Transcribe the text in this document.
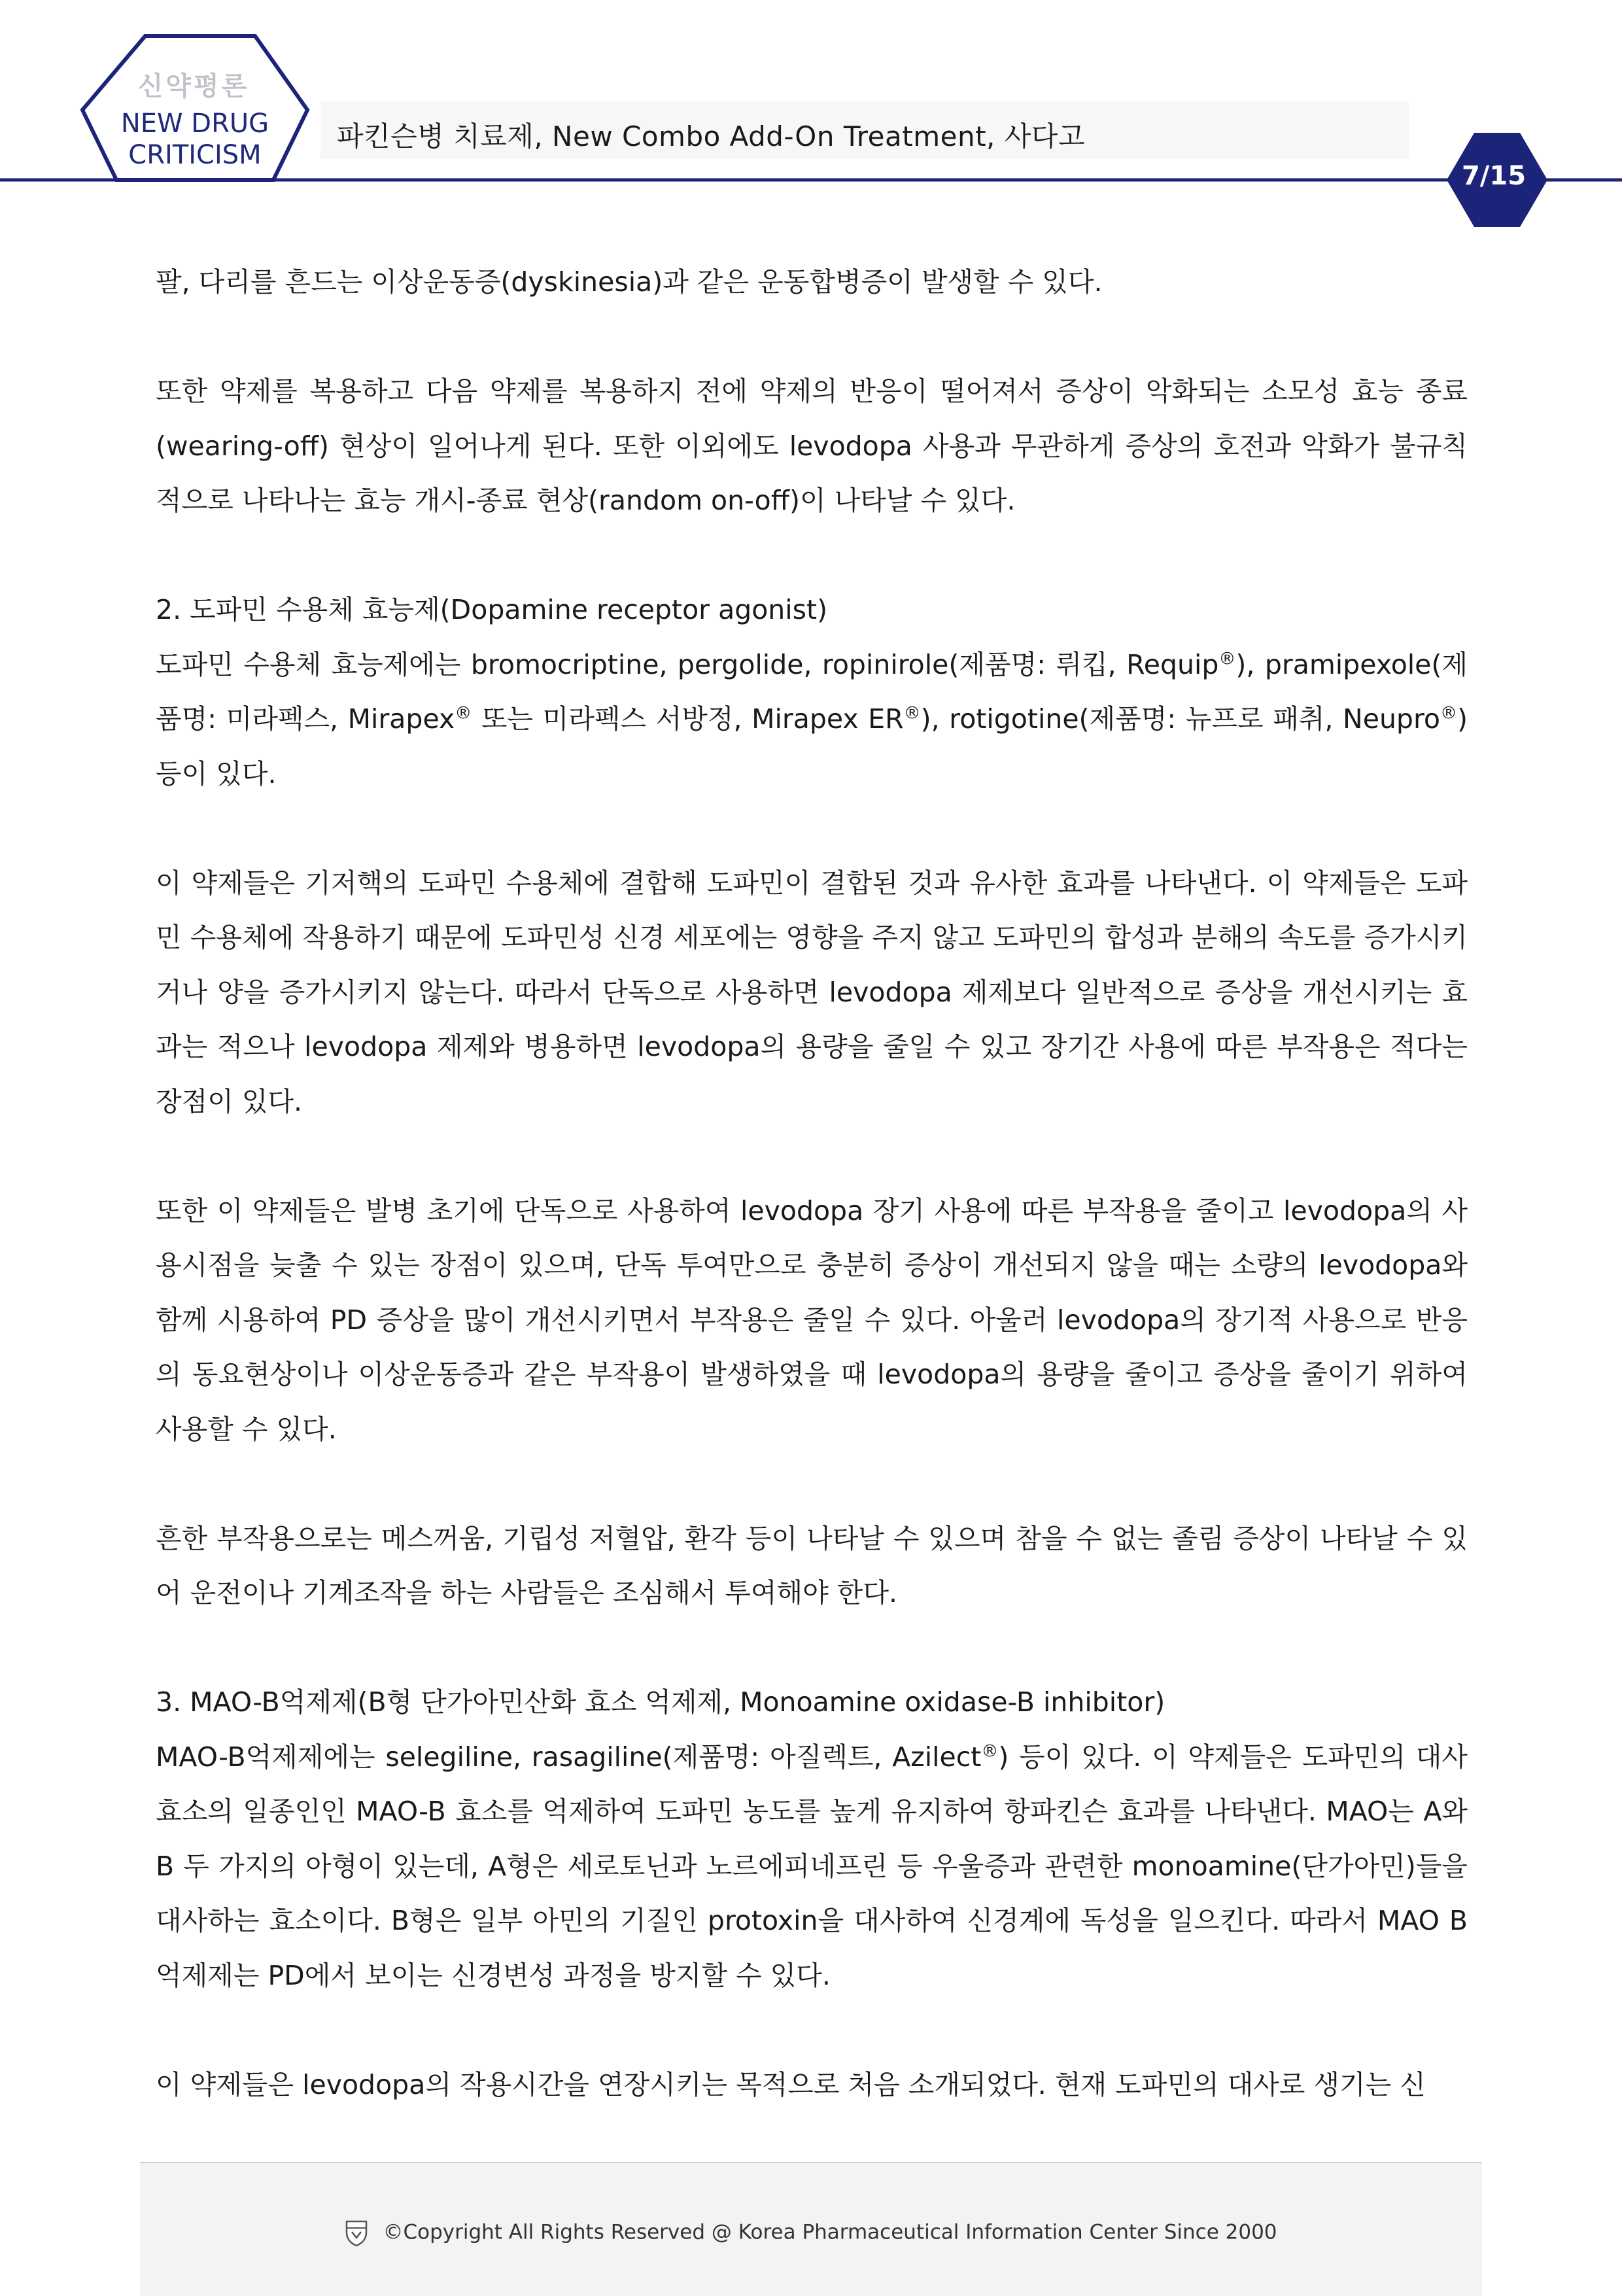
신약평론
NEW DRUG
CRITICISM
파킨슨병 치료제, New Combo Add-On Treatment, 사다고
7/15

팔, 다리를 흔드는 이상운동증(dyskinesia)과 같은 운동합병증이 발생할 수 있다.

또한 약제를 복용하고 다음 약제를 복용하지 전에 약제의 반응이 떨어져서 증상이 악화되는 소모성 효능 종료(wearing-off) 현상이 일어나게 된다. 또한 이외에도 levodopa 사용과 무관하게 증상의 호전과 악화가 불규칙적으로 나타나는 효능 개시-종료 현상(random on-off)이 나타날 수 있다.

2. 도파민 수용체 효능제(Dopamine receptor agonist)

도파민 수용체 효능제에는 bromocriptine, pergolide, ropinirole(제품명: 뤼킵, Requip®), pramipexole(제품명: 미라펙스, Mirapex® 또는 미라펙스 서방정, Mirapex ER®), rotigotine(제품명: 뉴프로 패취, Neupro®) 등이 있다.

이 약제들은 기저핵의 도파민 수용체에 결합해 도파민이 결합된 것과 유사한 효과를 나타낸다. 이 약제들은 도파민 수용체에 작용하기 때문에 도파민성 신경 세포에는 영향을 주지 않고 도파민의 합성과 분해의 속도를 증가시키거나 양을 증가시키지 않는다. 따라서 단독으로 사용하면 levodopa 제제보다 일반적으로 증상을 개선시키는 효과는 적으나 levodopa 제제와 병용하면 levodopa의 용량을 줄일 수 있고 장기간 사용에 따른 부작용은 적다는 장점이 있다.

또한 이 약제들은 발병 초기에 단독으로 사용하여 levodopa 장기 사용에 따른 부작용을 줄이고 levodopa의 사용시점을 늦출 수 있는 장점이 있으며, 단독 투여만으로 충분히 증상이 개선되지 않을 때는 소량의 levodopa와 함께 시용하여 PD 증상을 많이 개선시키면서 부작용은 줄일 수 있다. 아울러 levodopa의 장기적 사용으로 반응의 동요현상이나 이상운동증과 같은 부작용이 발생하였을 때 levodopa의 용량을 줄이고 증상을 줄이기 위하여 사용할 수 있다.

흔한 부작용으로는 메스꺼움, 기립성 저혈압, 환각 등이 나타날 수 있으며 참을 수 없는 졸림 증상이 나타날 수 있어 운전이나 기계조작을 하는 사람들은 조심해서 투여해야 한다.

3. MAO-B억제제(B형 단가아민산화 효소 억제제, Monoamine oxidase-B inhibitor)

MAO-B억제제에는 selegiline, rasagiline(제품명: 아질렉트, Azilect®) 등이 있다. 이 약제들은 도파민의 대사효소의 일종인인 MAO-B 효소를 억제하여 도파민 농도를 높게 유지하여 항파킨슨 효과를 나타낸다. MAO는 A와 B 두 가지의 아형이 있는데, A형은 세로토닌과 노르에피네프린 등 우울증과 관련한 monoamine(단가아민)들을 대사하는 효소이다. B형은 일부 아민의 기질인 protoxin을 대사하여 신경계에 독성을 일으킨다. 따라서 MAO B 억제제는 PD에서 보이는 신경변성 과정을 방지할 수 있다.

이 약제들은 levodopa의 작용시간을 연장시키는 목적으로 처음 소개되었다. 현재 도파민의 대사로 생기는 신

©Copyright All Rights Reserved @ Korea Pharmaceutical Information Center Since 2000
